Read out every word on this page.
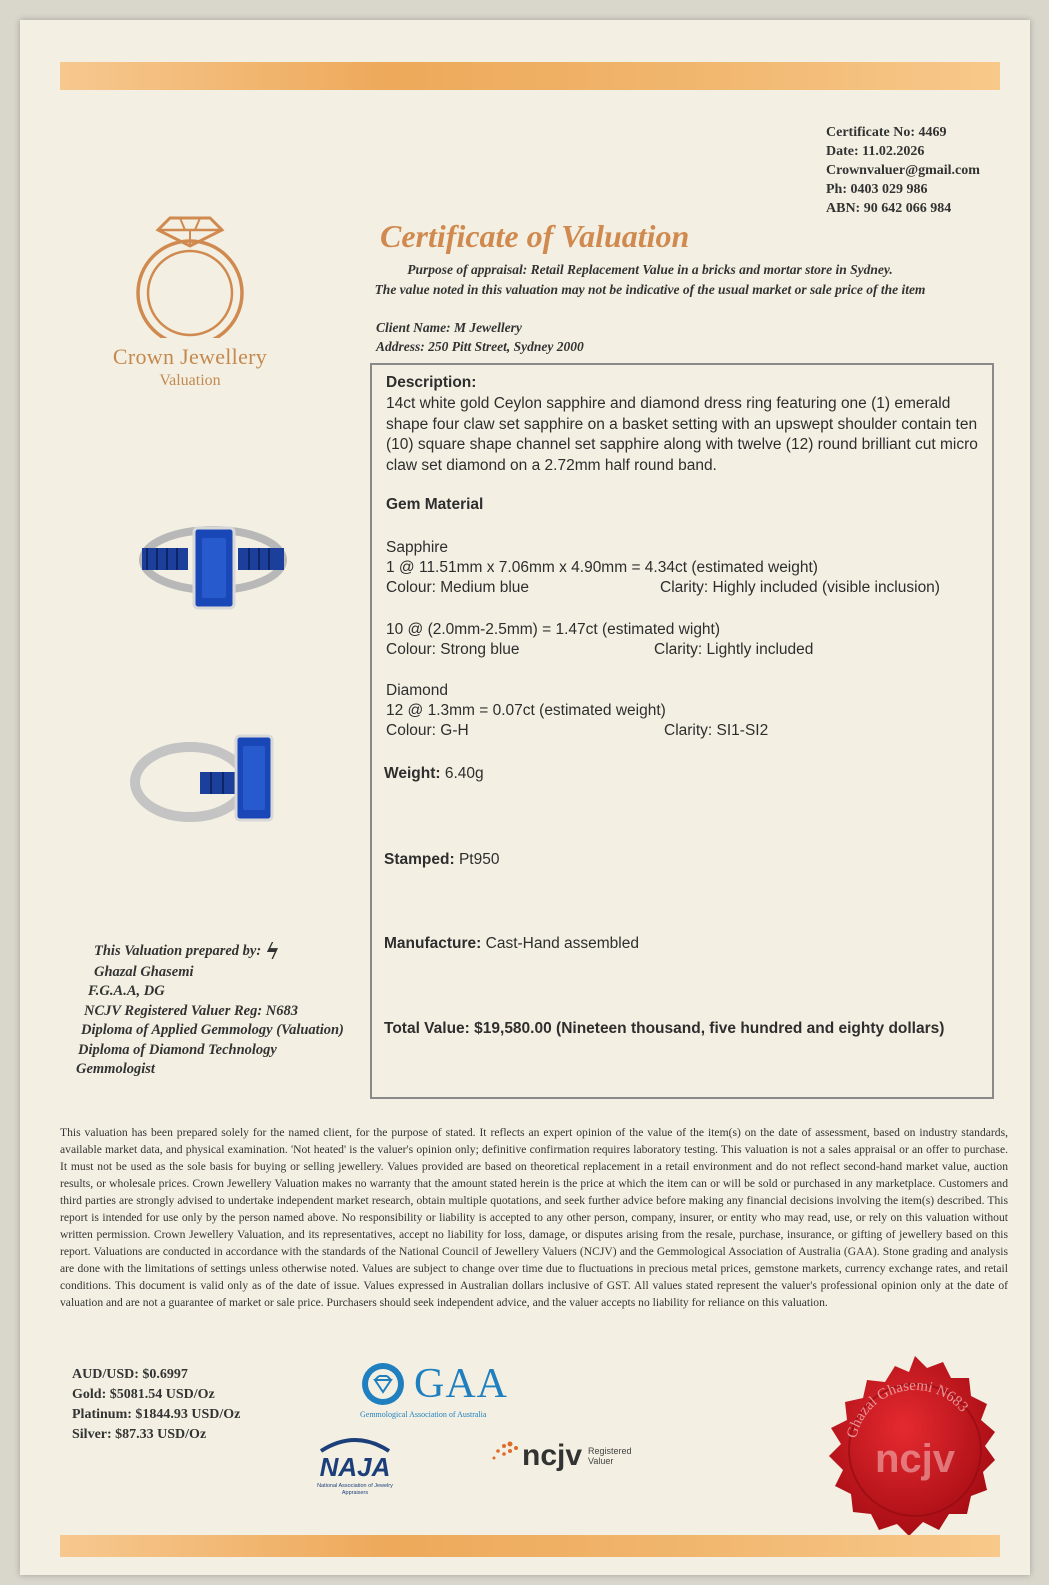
Certificate No: 4469
Date: 11.02.2026
Crownvaluer@gmail.com
Ph: 0403 029 986
ABN: 90 642 066 984
Crown Jewellery
Valuation
Certificate of Valuation
Purpose of appraisal: Retail Replacement Value in a bricks and mortar store in Sydney.
The value noted in this valuation may not be indicative of the usual market or sale price of the item
Client Name: M Jewellery
Address: 250 Pitt Street, Sydney 2000
Description:
14ct white gold Ceylon sapphire and diamond dress ring featuring one (1) emerald shape four claw set sapphire on a basket setting with an upswept shoulder contain ten (10) square shape channel set sapphire along with twelve (12) round brilliant cut micro claw set diamond on a 2.72mm half round band.
Gem Material
Sapphire
1 @ 11.51mm x 7.06mm x 4.90mm = 4.34ct (estimated weight)
Colour: Medium blue	Clarity: Highly included (visible inclusion)
10 @ (2.0mm-2.5mm) = 1.47ct (estimated wight)
Colour: Strong blue	Clarity: Lightly included
Diamond
12 @ 1.3mm = 0.07ct (estimated weight)
Colour: G-H	Clarity: SI1-SI2
Weight: 6.40g
Stamped: Pt950
Manufacture: Cast-Hand assembled
Total Value: $19,580.00 (Nineteen thousand, five hundred and eighty dollars)
This Valuation prepared by: ϟ
Ghazal Ghasemi
F.G.A.A, DG
NCJV Registered Valuer Reg: N683
Diploma of Applied Gemmology (Valuation)
Diploma of Diamond Technology
Gemmologist
This valuation has been prepared solely for the named client, for the purpose of stated. It reflects an expert opinion of the value of the item(s) on the date of assessment, based on industry standards, available market data, and physical examination. 'Not heated' is the valuer's opinion only; definitive confirmation requires laboratory testing. This valuation is not a sales appraisal or an offer to purchase. It must not be used as the sole basis for buying or selling jewellery. Values provided are based on theoretical replacement in a retail environment and do not reflect second-hand market value, auction results, or wholesale prices. Crown Jewellery Valuation makes no warranty that the amount stated herein is the price at which the item can or will be sold or purchased in any marketplace. Customers and third parties are strongly advised to undertake independent market research, obtain multiple quotations, and seek further advice before making any financial decisions involving the item(s) described. This report is intended for use only by the person named above. No responsibility or liability is accepted to any other person, company, insurer, or entity who may read, use, or rely on this valuation without written permission. Crown Jewellery Valuation, and its representatives, accept no liability for loss, damage, or disputes arising from the resale, purchase, insurance, or gifting of jewellery based on this report. Valuations are conducted in accordance with the standards of the National Council of Jewellery Valuers (NCJV) and the Gemmological Association of Australia (GAA). Stone grading and analysis are done with the limitations of settings unless otherwise noted. Values are subject to change over time due to fluctuations in precious metal prices, gemstone markets, currency exchange rates, and retail conditions. This document is valid only as of the date of issue. Values expressed in Australian dollars inclusive of GST. All values stated represent the valuer's professional opinion only at the date of valuation and are not a guarantee of market or sale price. Purchasers should seek independent advice, and the valuer accepts no liability for reliance on this valuation.
AUD/USD: $0.6997
Gold: $5081.54 USD/Oz
Platinum: $1844.93 USD/Oz
Silver: $87.33 USD/Oz
GAA
Gemmological Association of Australia
NAJA
National Association of Jewelry Appraisers
ncjv Registered
Valuer
Ghazal Ghasemi N683
ncjv
